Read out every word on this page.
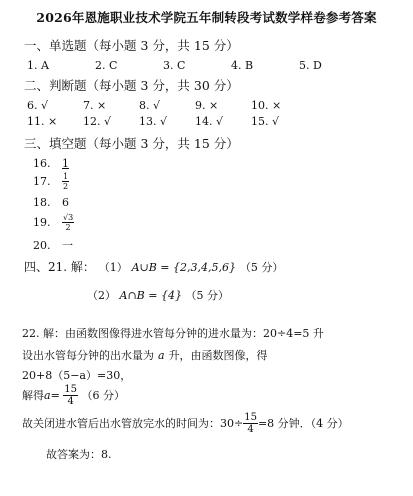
2026年恩施职业技术学院五年制转段考试数学样卷参考答案
一、单选题（每小题 3 分，共 15 分）
1. A	2. C	3. C	4. B	5. D
二、判断题（每小题 3 分，共 30 分）
6. √	7. ×	8. √	9. ×	10. ×
11. × 12. √	13. √	14. √	15. √
三、填空题（每小题 3 分，共 15 分）
16. 1
17. $\frac{1}{2}$
18. 6
19. $\frac{√3}{2}$
20. 一
四、21. 解： （1） A∪B = {2,3,4,5,6} （5 分）
（2） A∩B = {4} （5 分）
22. 解：由函数图像得进水管每分钟的进水量为：20÷4=5 升
设出水管每分钟的出水量为 a 升，由函数图像，得
20+8（5−a）=30，
解得$a= \frac{15}{4} (6$ 分）
故关闭进水管后出水管放完水的时间为：$30\div \frac{15}{4} =8$ 分钟．（4 分）
故答案为：8.
